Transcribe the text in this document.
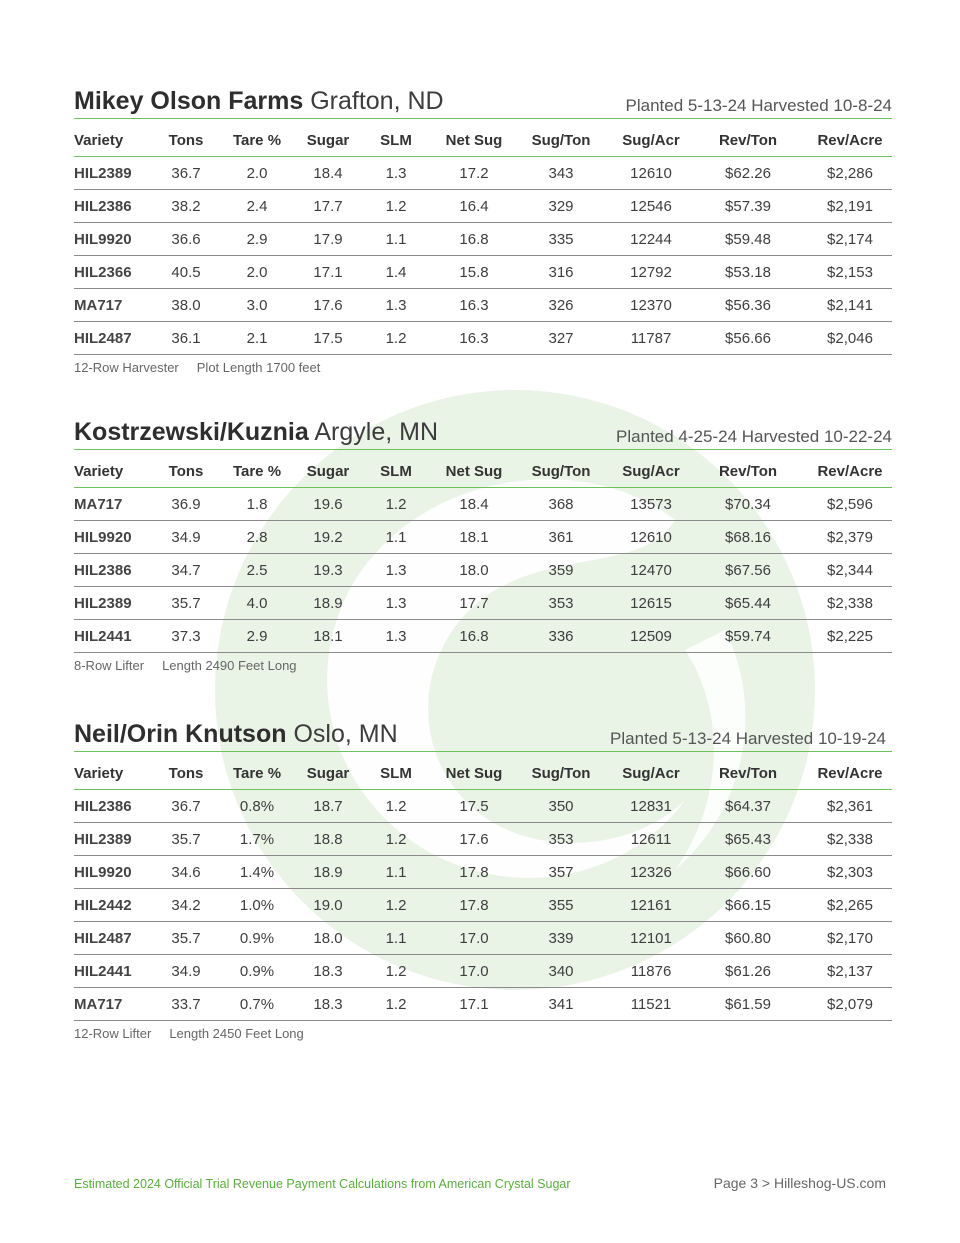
Mikey Olson Farms Grafton, ND	Planted 5-13-24 Harvested 10-8-24
Variety	Tons	Tare %	Sugar	SLM	Net Sug	Sug/Ton	Sug/Acr	Rev/Ton	Rev/Acre
HIL2389	36.7	2.0	18.4	1.3	17.2	343	12610	$62.26	$2,286
HIL2386	38.2	2.4	17.7	1.2	16.4	329	12546	$57.39	$2,191
HIL9920	36.6	2.9	17.9	1.1	16.8	335	12244	$59.48	$2,174
HIL2366	40.5	2.0	17.1	1.4	15.8	316	12792	$53.18	$2,153
MA717	38.0	3.0	17.6	1.3	16.3	326	12370	$56.36	$2,141
HIL2487	36.1	2.1	17.5	1.2	16.3	327	11787	$56.66	$2,046
12-Row Harvester Plot Length 1700 feet
Kostrzewski/Kuznia Argyle, MN	Planted 4-25-24 Harvested 10-22-24
Variety	Tons	Tare %	Sugar	SLM	Net Sug	Sug/Ton	Sug/Acr	Rev/Ton	Rev/Acre
MA717	36.9	1.8	19.6	1.2	18.4	368	13573	$70.34	$2,596
HIL9920	34.9	2.8	19.2	1.1	18.1	361	12610	$68.16	$2,379
HIL2386	34.7	2.5	19.3	1.3	18.0	359	12470	$67.56	$2,344
HIL2389	35.7	4.0	18.9	1.3	17.7	353	12615	$65.44	$2,338
HIL2441	37.3	2.9	18.1	1.3	16.8	336	12509	$59.74	$2,225
8-Row Lifter Length 2490 Feet Long
Neil/Orin Knutson Oslo, MN	Planted 5-13-24 Harvested 10-19-24
Variety	Tons	Tare %	Sugar	SLM	Net Sug	Sug/Ton	Sug/Acr	Rev/Ton	Rev/Acre
HIL2386	36.7	0.8%	18.7	1.2	17.5	350	12831	$64.37	$2,361
HIL2389	35.7	1.7%	18.8	1.2	17.6	353	12611	$65.43	$2,338
HIL9920	34.6	1.4%	18.9	1.1	17.8	357	12326	$66.60	$2,303
HIL2442	34.2	1.0%	19.0	1.2	17.8	355	12161	$66.15	$2,265
HIL2487	35.7	0.9%	18.0	1.1	17.0	339	12101	$60.80	$2,170
HIL2441	34.9	0.9%	18.3	1.2	17.0	340	11876	$61.26	$2,137
MA717	33.7	0.7%	18.3	1.2	17.1	341	11521	$61.59	$2,079
12-Row Lifter Length 2450 Feet Long
Estimated 2024 Official Trial Revenue Payment Calculations from American Crystal Sugar	Page 3 > Hilleshog-US.com
